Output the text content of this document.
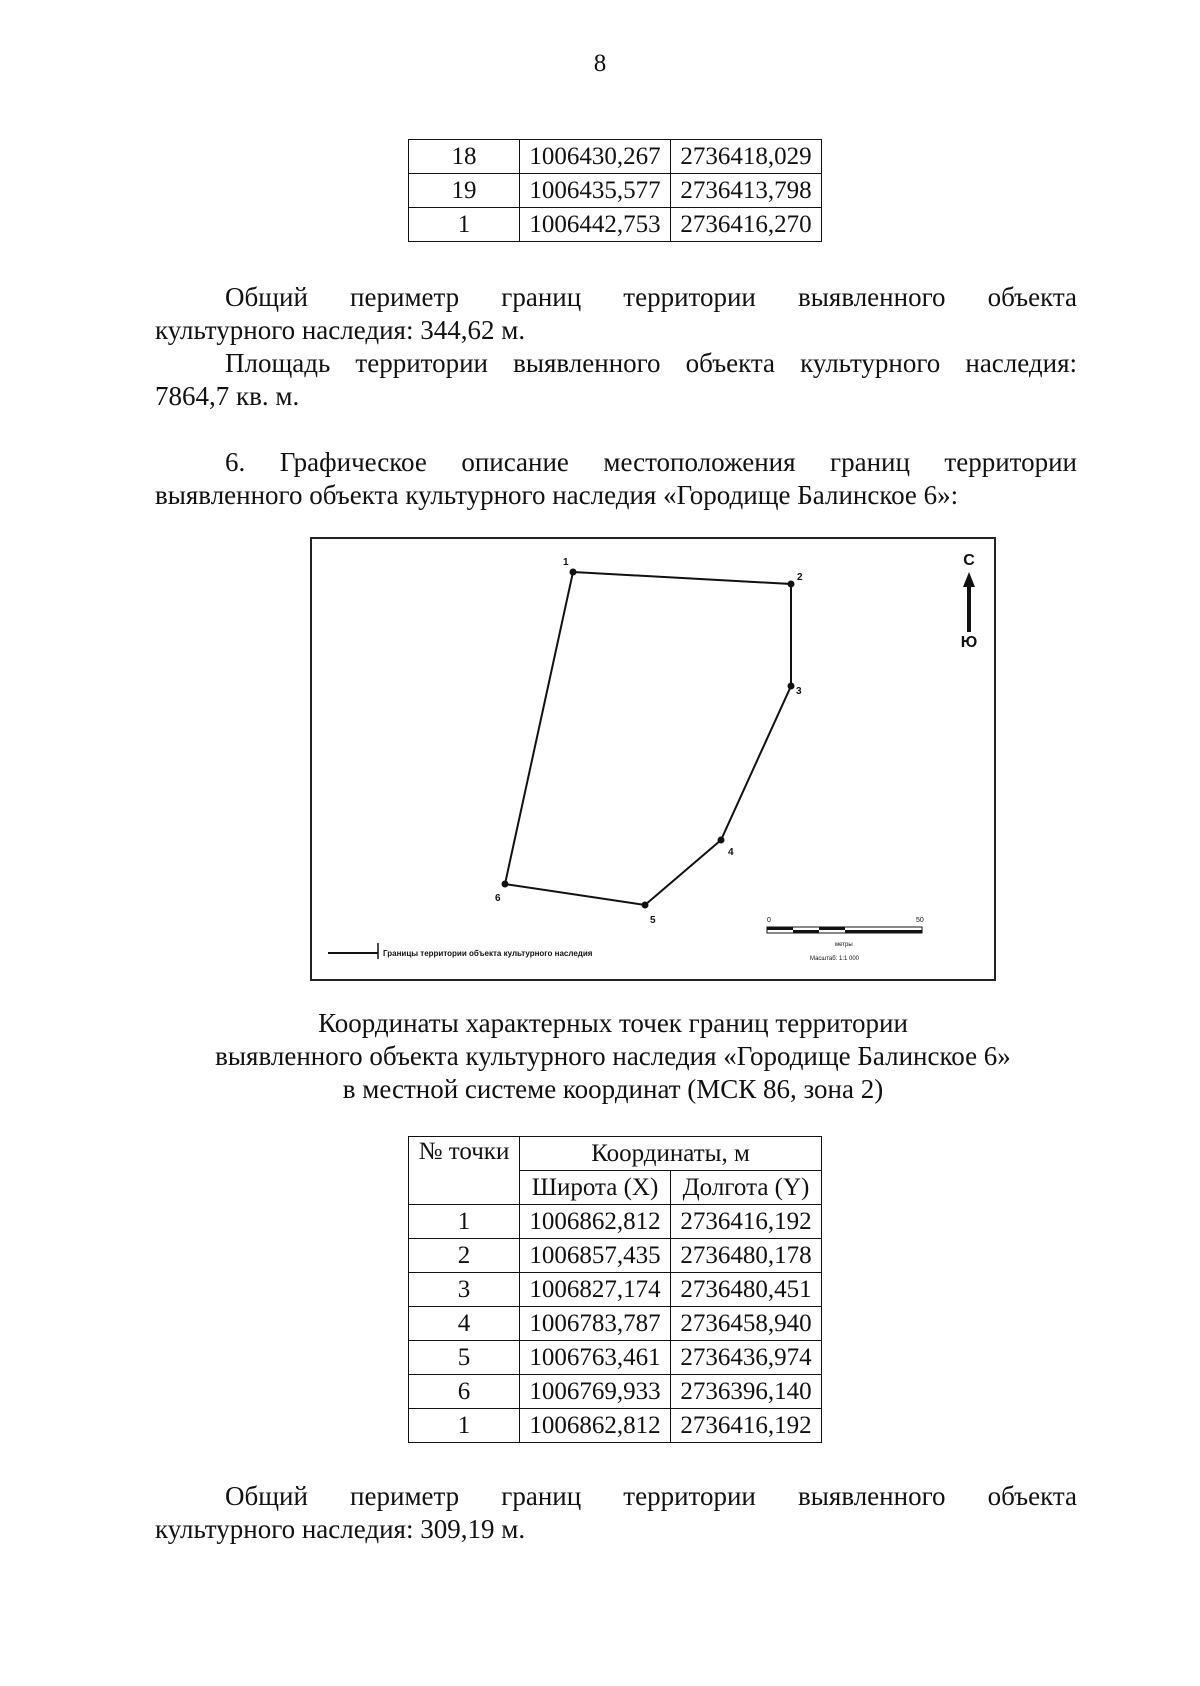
8
18	1006430,267	2736418,029
19	1006435,577	2736413,798
1	1006442,753	2736416,270
Общий периметр границ территории выявленного объекта
культурного наследия: 344,62 м.
Площадь территории выявленного объекта культурного наследия:
7864,7 кв. м.
6. Графическое описание местоположения границ территории
выявленного объекта культурного наследия «Городище Балинское 6»:
1
2
3
4
5
6
С
Ю
Границы территории объекта культурного наследия
0	50
метры
Масштаб: 1:1 000
Координаты характерных точек границ территории
выявленного объекта культурного наследия «Городище Балинское 6»
в местной системе координат (МСК 86, зона 2)
№ точки	Координаты, м	
	Широта (X)	Долгота (Y)
1	1006862,812	2736416,192
2	1006857,435	2736480,178
3	1006827,174	2736480,451
4	1006783,787	2736458,940
5	1006763,461	2736436,974
6	1006769,933	2736396,140
1	1006862,812	2736416,192
Общий периметр границ территории выявленного объекта
культурного наследия: 309,19 м.
